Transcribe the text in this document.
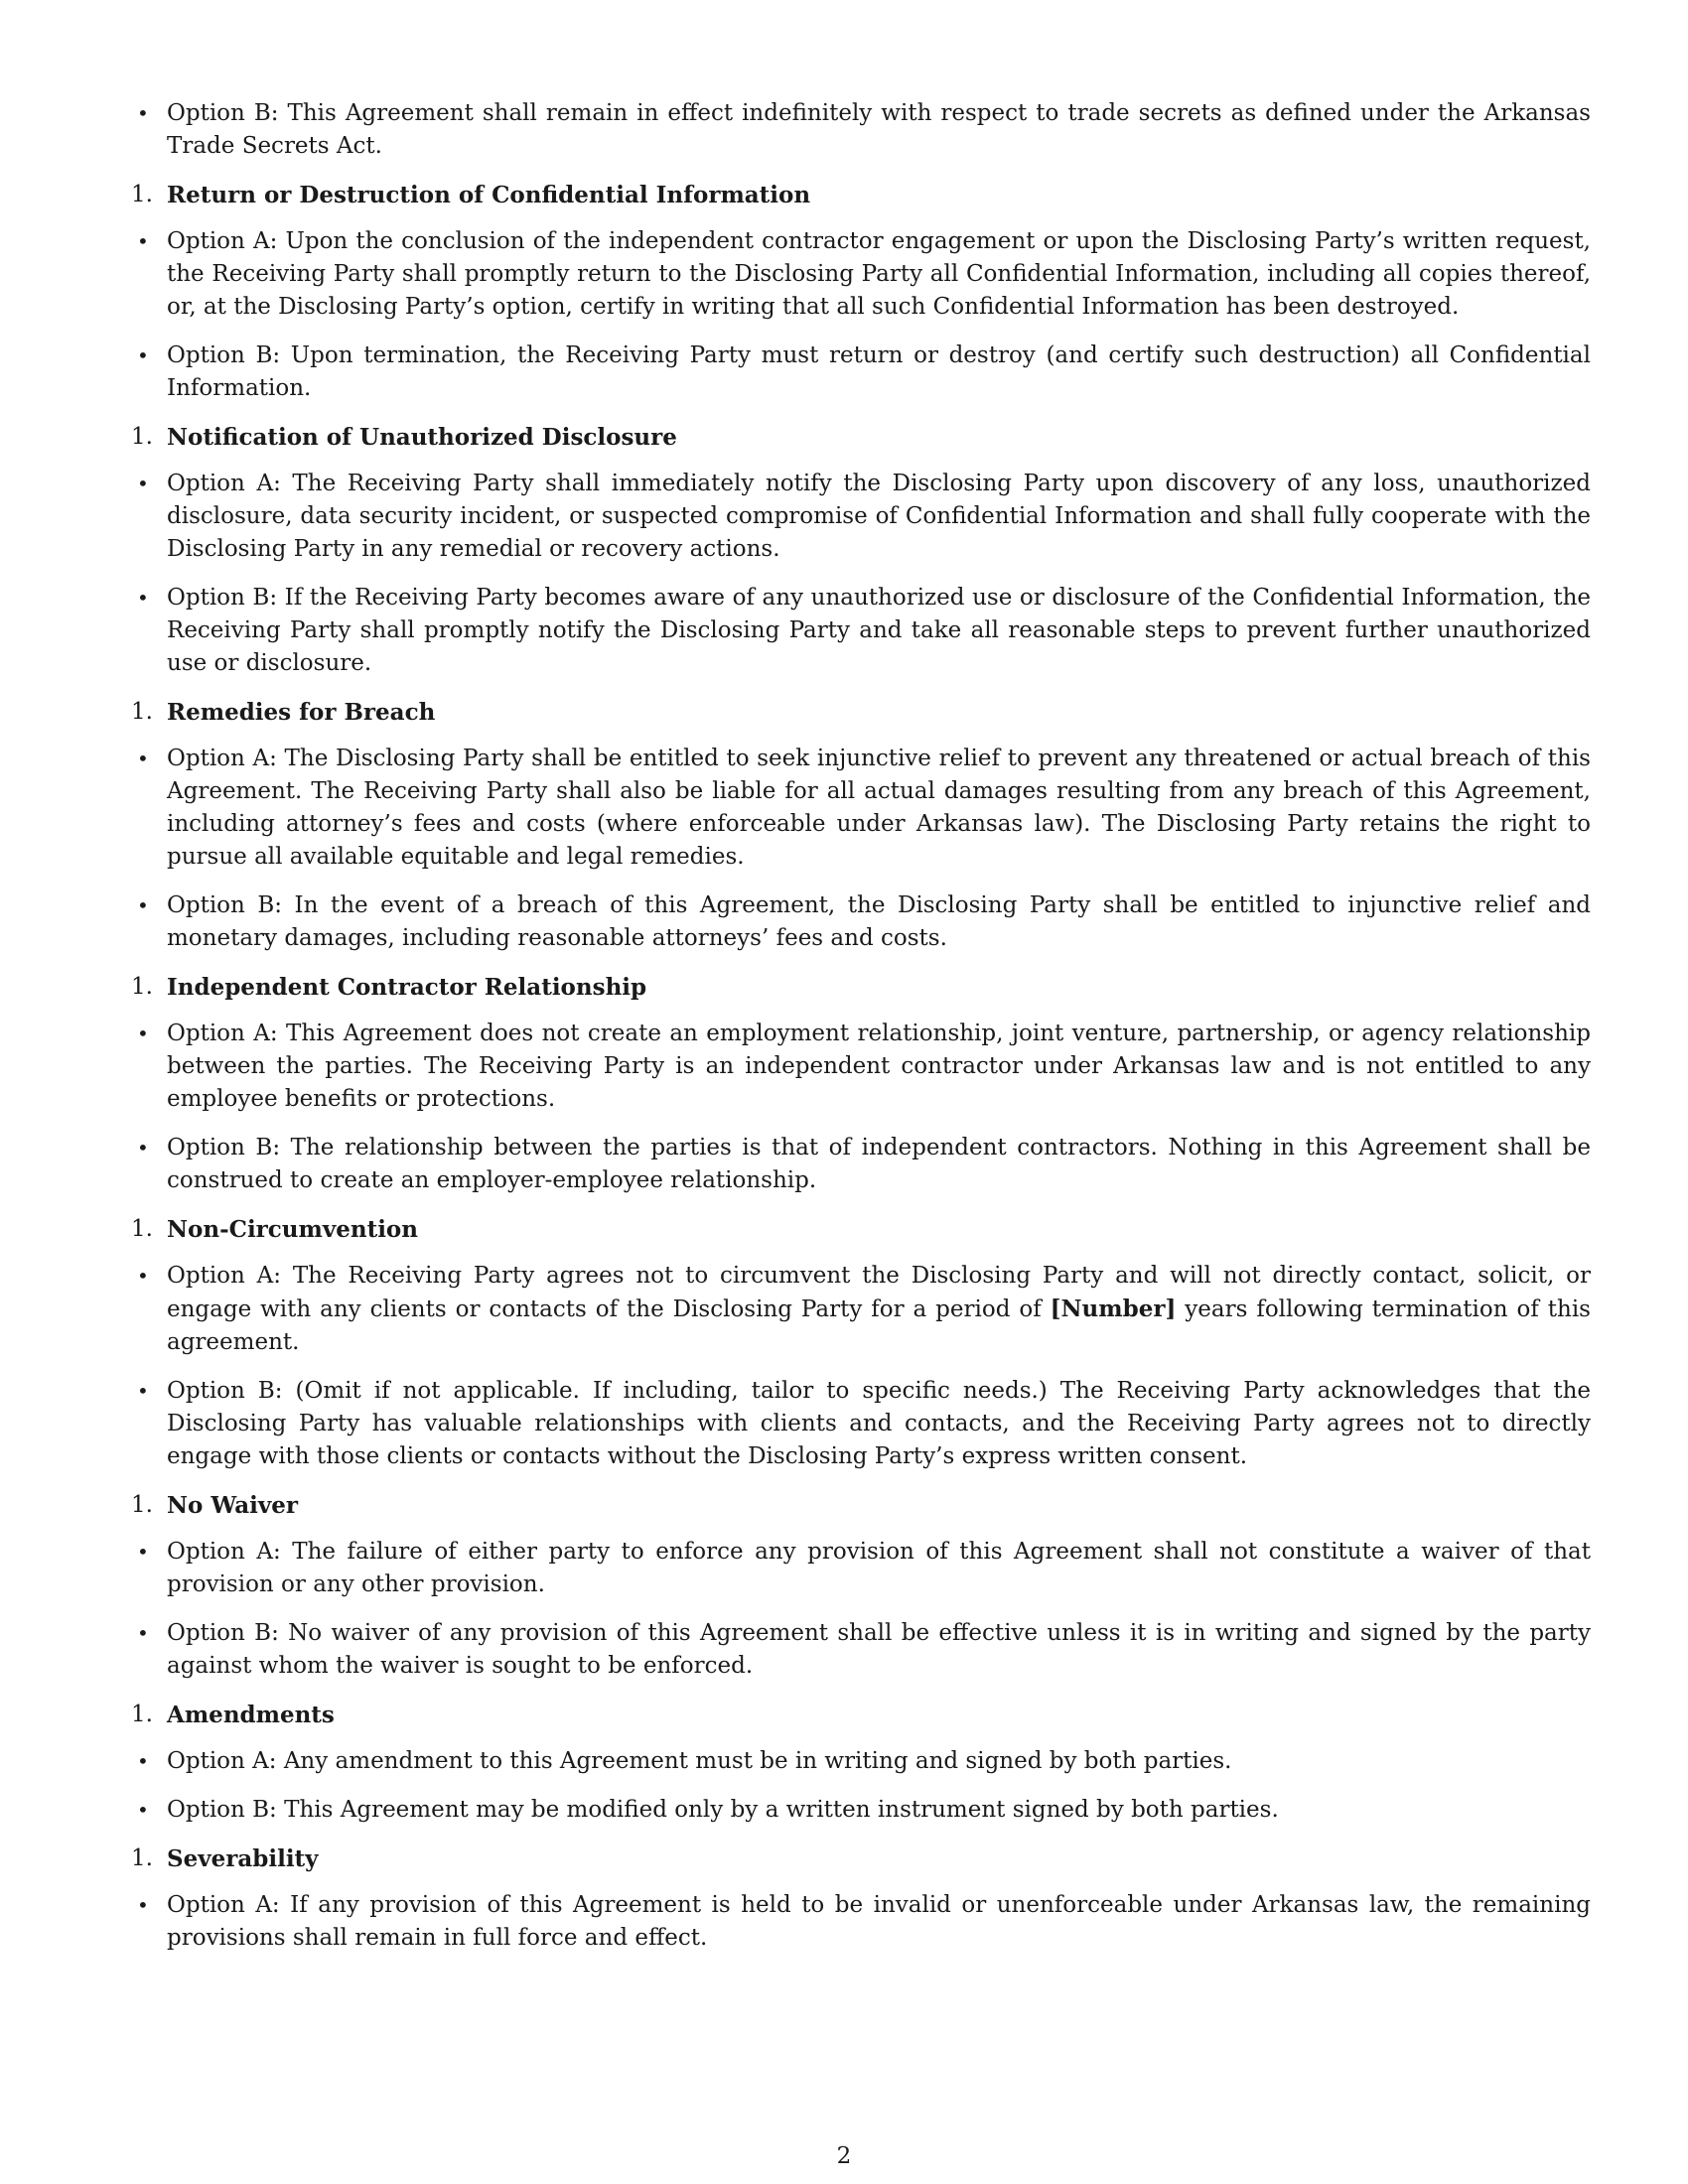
• Option B: This Agreement shall remain in effect indefinitely with respect to trade secrets as defined under the Arkansas Trade Secrets Act.
1. Return or Destruction of Confidential Information
• Option A: Upon the conclusion of the independent contractor engagement or upon the Disclosing Party’s written request, the Receiving Party shall promptly return to the Disclosing Party all Confidential Information, including all copies thereof, or, at the Disclosing Party’s option, certify in writing that all such Confidential Information has been destroyed.
• Option B: Upon termination, the Receiving Party must return or destroy (and certify such destruction) all Confidential Information.
1. Notification of Unauthorized Disclosure
• Option A: The Receiving Party shall immediately notify the Disclosing Party upon discovery of any loss, unauthorized disclosure, data security incident, or suspected compromise of Confidential Information and shall fully cooperate with the Disclosing Party in any remedial or recovery actions.
• Option B: If the Receiving Party becomes aware of any unauthorized use or disclosure of the Confidential Information, the Receiving Party shall promptly notify the Disclosing Party and take all reasonable steps to prevent further unauthorized use or disclosure.
1. Remedies for Breach
• Option A: The Disclosing Party shall be entitled to seek injunctive relief to prevent any threatened or actual breach of this Agreement. The Receiving Party shall also be liable for all actual damages resulting from any breach of this Agreement, including attorney’s fees and costs (where enforceable under Arkansas law). The Disclosing Party retains the right to pursue all available equitable and legal remedies.
• Option B: In the event of a breach of this Agreement, the Disclosing Party shall be entitled to injunctive relief and monetary damages, including reasonable attorneys’ fees and costs.
1. Independent Contractor Relationship
• Option A: This Agreement does not create an employment relationship, joint venture, partnership, or agency relationship between the parties. The Receiving Party is an independent contractor under Arkansas law and is not entitled to any employee benefits or protections.
• Option B: The relationship between the parties is that of independent contractors. Nothing in this Agreement shall be construed to create an employer-employee relationship.
1. Non-Circumvention
• Option A: The Receiving Party agrees not to circumvent the Disclosing Party and will not directly contact, solicit, or engage with any clients or contacts of the Disclosing Party for a period of [Number] years following termination of this agreement.
• Option B: (Omit if not applicable. If including, tailor to specific needs.) The Receiving Party acknowledges that the Disclosing Party has valuable relationships with clients and contacts, and the Receiving Party agrees not to directly engage with those clients or contacts without the Disclosing Party’s express written consent.
1. No Waiver
• Option A: The failure of either party to enforce any provision of this Agreement shall not constitute a waiver of that provision or any other provision.
• Option B: No waiver of any provision of this Agreement shall be effective unless it is in writing and signed by the party against whom the waiver is sought to be enforced.
1. Amendments
• Option A: Any amendment to this Agreement must be in writing and signed by both parties.
• Option B: This Agreement may be modified only by a written instrument signed by both parties.
1. Severability
• Option A: If any provision of this Agreement is held to be invalid or unenforceable under Arkansas law, the remaining provisions shall remain in full force and effect.
2
